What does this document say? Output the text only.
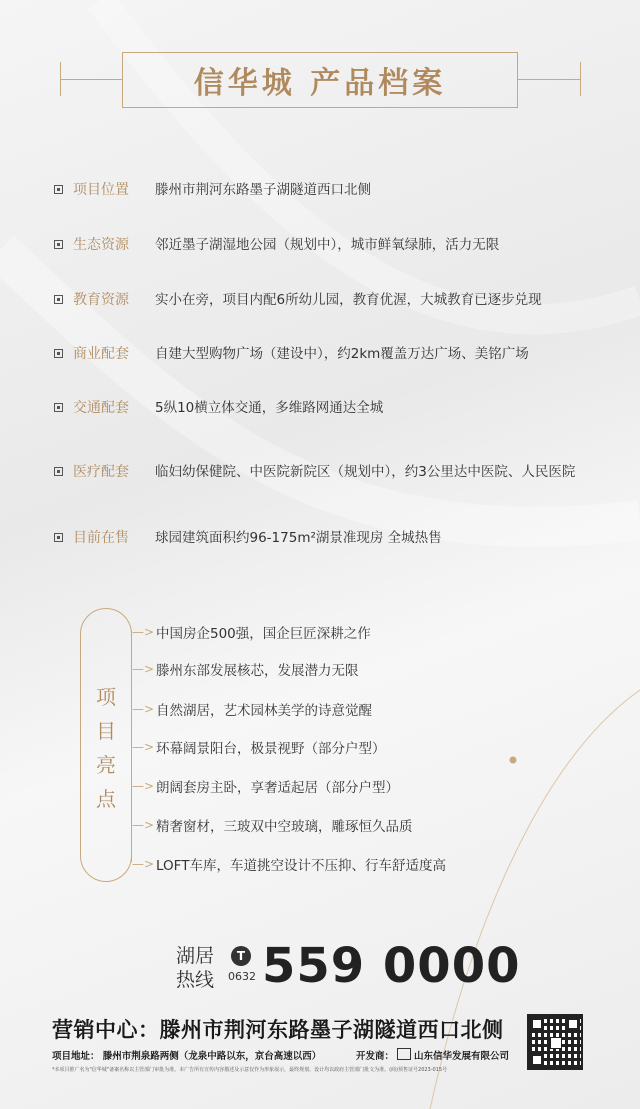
信华城 产品档案
项目位置	滕州市荆河东路墨子湖隧道西口北侧
生态资源	邻近墨子湖湿地公园（规划中），城市鲜氧绿肺，活力无限
教育资源	实小在旁，项目内配6所幼儿园，教育优渥，大城教育已逐步兑现
商业配套	自建大型购物广场（建设中），约2km覆盖万达广场、美铭广场
交通配套	5纵10横立体交通，多维路网通达全城
医疗配套	临妇幼保健院、中医院新院区（规划中），约3公里达中医院、人民医院
目前在售	球园建筑面积约96-175m²湖景准现房 全城热售
项目亮点
—> 中国房企500强，国企巨匠深耕之作
—> 滕州东部发展核芯，发展潜力无限
—> 自然湖居，艺术园林美学的诗意觉醒
—> 环幕阔景阳台，极景视野（部分户型）
—> 朗阔套房主卧，享奢适起居（部分户型）
—> 精奢窗材，三玻双中空玻璃，雕琢恒久品质
—> LOFT车库，车道挑空设计不压抑、行车舒适度高
湖居热线
T
0632 559 0000
营销中心：滕州市荆河东路墨子湖隧道西口北侧
项目地址： 滕州市荆泉路两侧（龙泉中路以东，京台高速以西）	开发商： 山东信华发展有限公司
*本项目推广名为"信华城"备案名称以主管部门审批为准。本广告所有宣传内容描述及示意仅作为形象展示，最终规划、设计均以政府主管部门批文为准。(商)预售证号2023-015号
